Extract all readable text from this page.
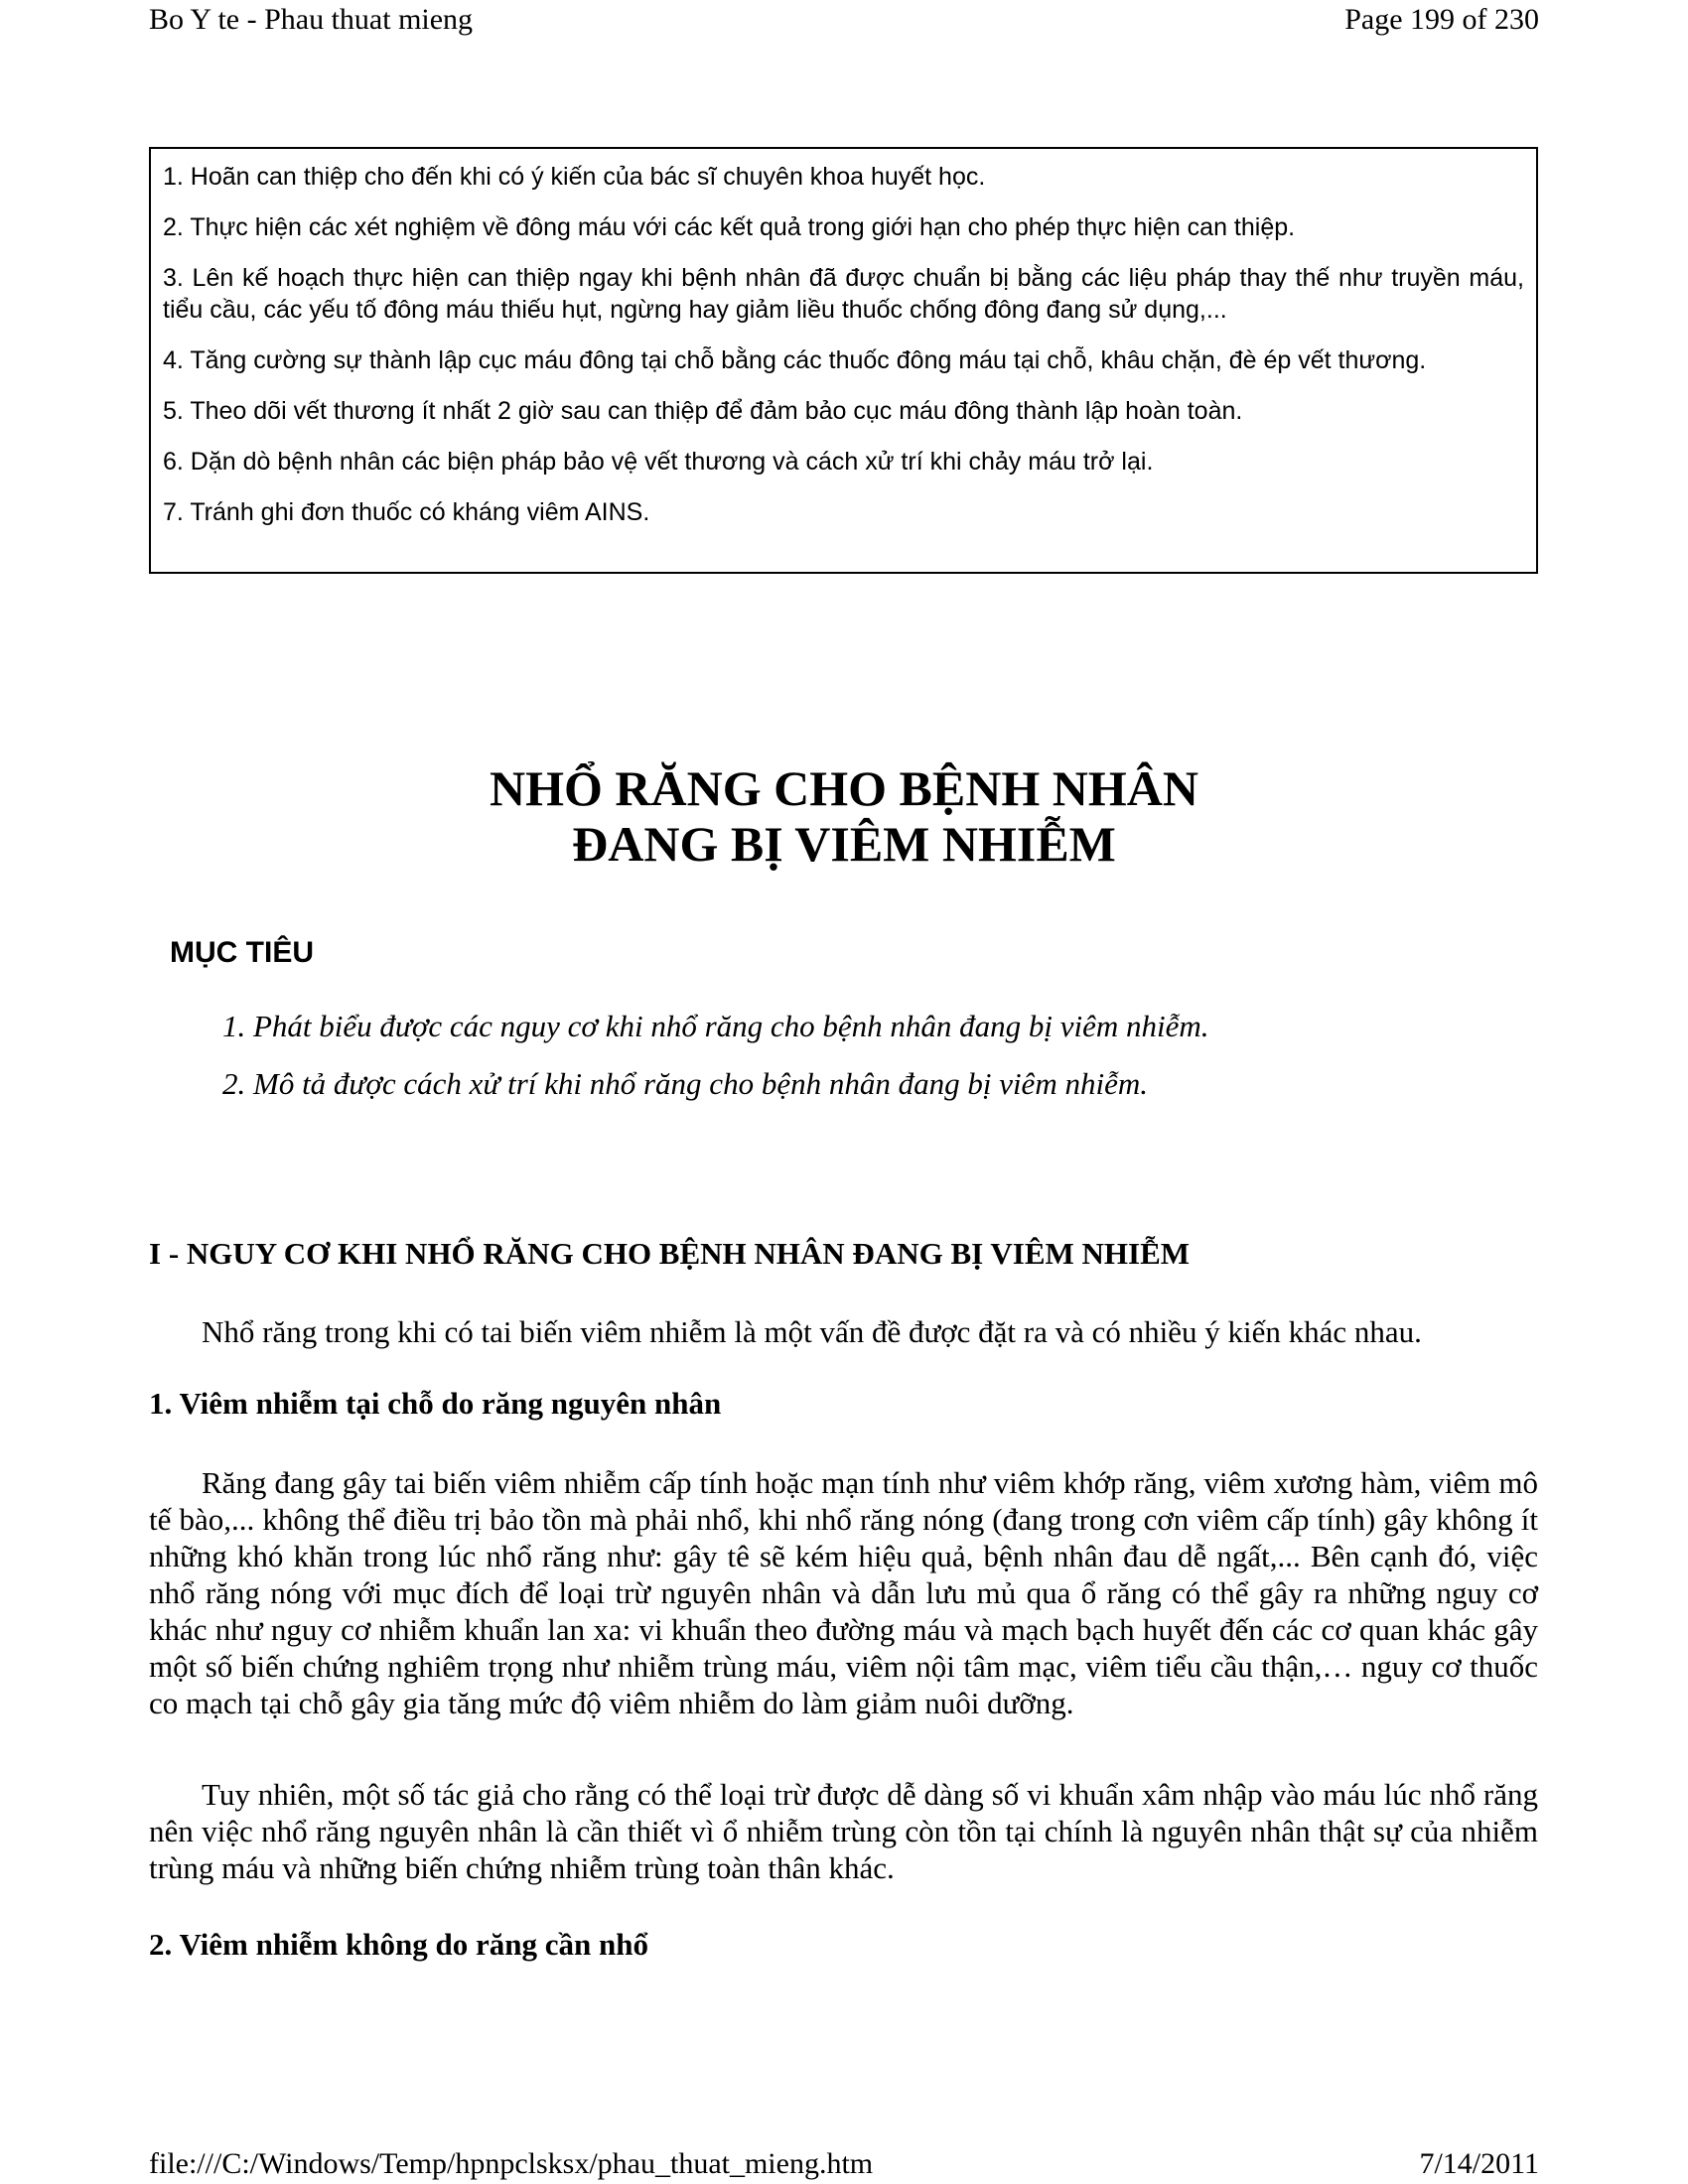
Bo Y te - Phau thuat mieng	Page 199 of 230

1. Hoãn can thiệp cho đến khi có ý kiến của bác sĩ chuyên khoa huyết học.

2. Thực hiện các xét nghiệm về đông máu với các kết quả trong giới hạn cho phép thực hiện can thiệp.

3. Lên kế hoạch thực hiện can thiệp ngay khi bệnh nhân đã được chuẩn bị bằng các liệu pháp thay thế như truyền máu, tiểu cầu, các yếu tố đông máu thiếu hụt, ngừng hay giảm liều thuốc chống đông đang sử dụng,...

4. Tăng cường sự thành lập cục máu đông tại chỗ bằng các thuốc đông máu tại chỗ, khâu chặn, đè ép vết thương.

5. Theo dõi vết thương ít nhất 2 giờ sau can thiệp để đảm bảo cục máu đông thành lập hoàn toàn.

6. Dặn dò bệnh nhân các biện pháp bảo vệ vết thương và cách xử trí khi chảy máu trở lại.

7. Tránh ghi đơn thuốc có kháng viêm AINS.

NHỔ RĂNG CHO BỆNH NHÂN
ĐANG BỊ VIÊM NHIỄM
MỤC TIÊU
1. Phát biểu được các nguy cơ khi nhổ răng cho bệnh nhân đang bị viêm nhiễm.
2. Mô tả được cách xử trí khi nhổ răng cho bệnh nhân đang bị viêm nhiễm.
I - NGUY CƠ KHI NHỔ RĂNG CHO BỆNH NHÂN ĐANG BỊ VIÊM NHIỄM
Nhổ răng trong khi có tai biến viêm nhiễm là một vấn đề được đặt ra và có nhiều ý kiến khác nhau.
1. Viêm nhiễm tại chỗ do răng nguyên nhân
Răng đang gây tai biến viêm nhiễm cấp tính hoặc mạn tính như viêm khớp răng, viêm xương hàm, viêm mô tế bào,... không thể điều trị bảo tồn mà phải nhổ, khi nhổ răng nóng (đang trong cơn viêm cấp tính) gây không ít những khó khăn trong lúc nhổ răng như: gây tê sẽ kém hiệu quả, bệnh nhân đau dễ ngất,... Bên cạnh đó, việc nhổ răng nóng với mục đích để loại trừ nguyên nhân và dẫn lưu mủ qua ổ răng có thể gây ra những nguy cơ khác như nguy cơ nhiễm khuẩn lan xa: vi khuẩn theo đường máu và mạch bạch huyết đến các cơ quan khác gây một số biến chứng nghiêm trọng như nhiễm trùng máu, viêm nội tâm mạc, viêm tiểu cầu thận,… nguy cơ thuốc co mạch tại chỗ gây gia tăng mức độ viêm nhiễm do làm giảm nuôi dưỡng.
Tuy nhiên, một số tác giả cho rằng có thể loại trừ được dễ dàng số vi khuẩn xâm nhập vào máu lúc nhổ răng nên việc nhổ răng nguyên nhân là cần thiết vì ổ nhiễm trùng còn tồn tại chính là nguyên nhân thật sự của nhiễm trùng máu và những biến chứng nhiễm trùng toàn thân khác.
2. Viêm nhiễm không do răng cần nhổ
file:///C:/Windows/Temp/hpnpclsksx/phau_thuat_mieng.htm	7/14/2011
